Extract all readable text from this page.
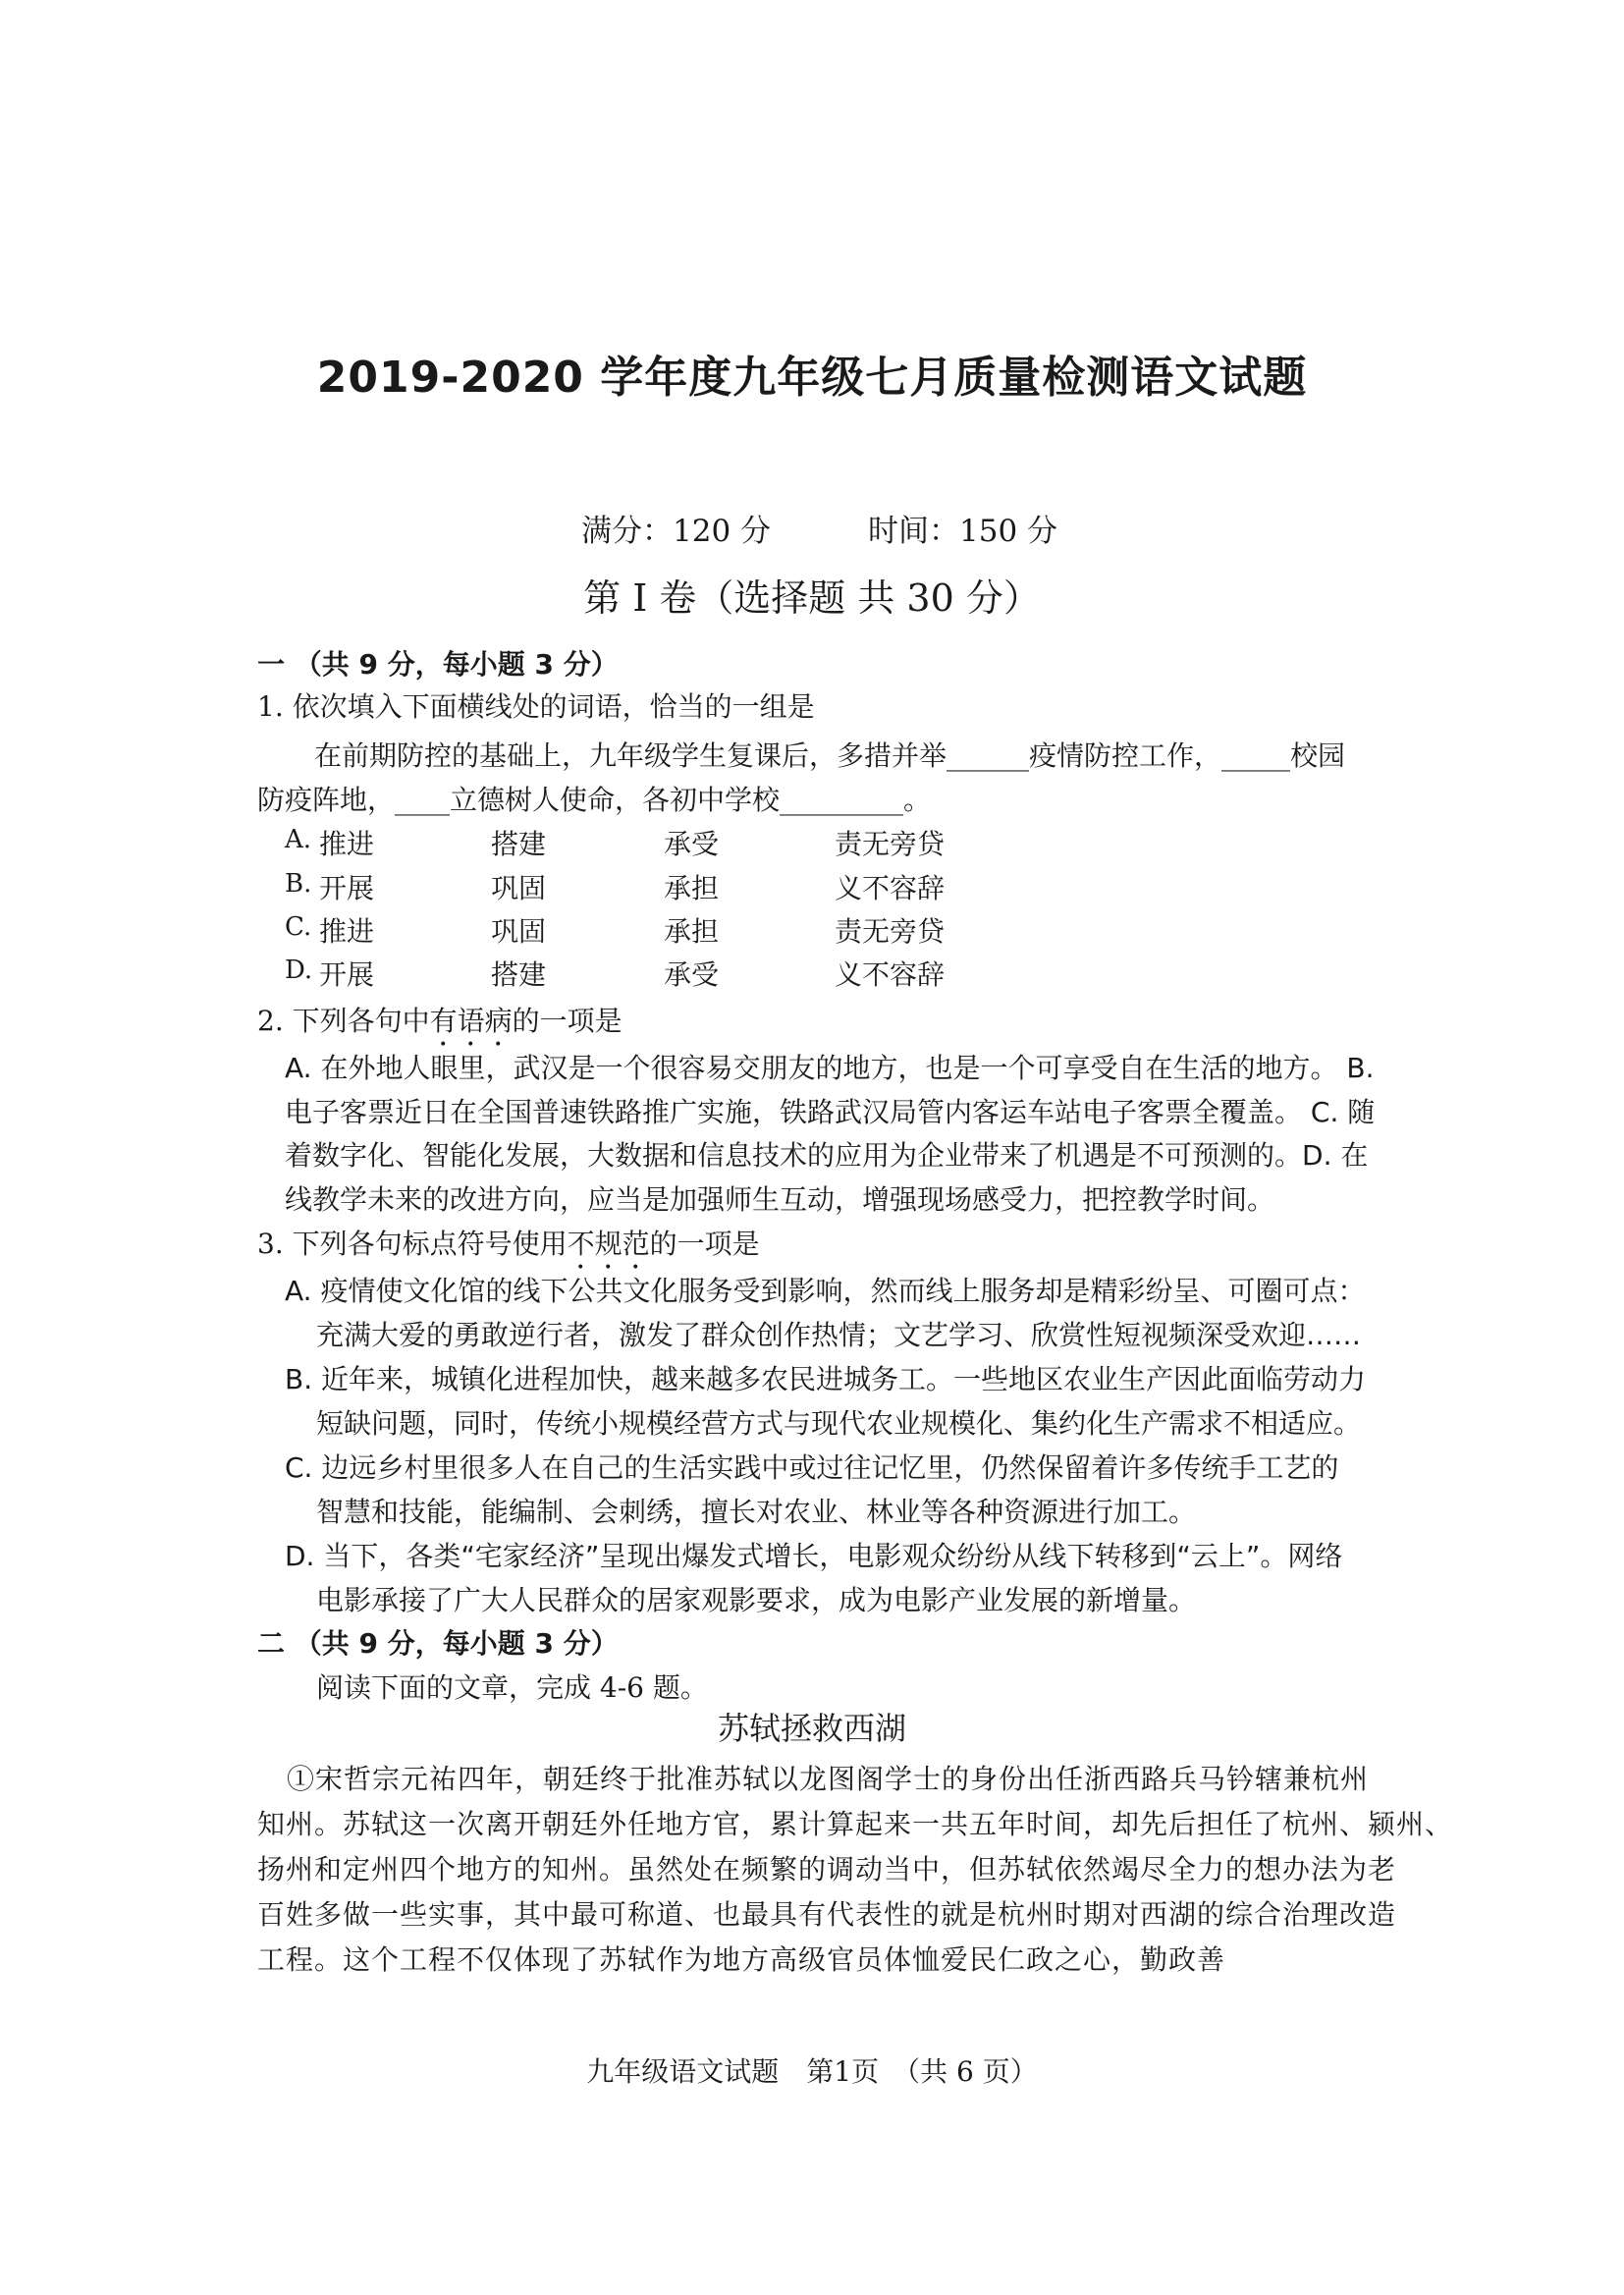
2019-2020 学年度九年级七月质量检测语文试题
满分：120 分	时间：150 分
第 I 卷（选择题 共 30 分）
一 （共 9 分，每小题 3 分）
1. 依次填入下面横线处的词语，恰当的一组是
在前期防控的基础上，九年级学生复课后，多措并举______疫情防控工作，_____校园
防疫阵地，____立德树人使命，各初中学校_________。
A. 推进	搭建	承受	责无旁贷
B. 开展	巩固	承担	义不容辞
C. 推进	巩固	承担	责无旁贷
D. 开展	搭建	承受	义不容辞
2. 下列各句中有语病的一项是
A. 在外地人眼里，武汉是一个很容易交朋友的地方，也是一个可享受自在生活的地方。 B.
电子客票近日在全国普速铁路推广实施，铁路武汉局管内客运车站电子客票全覆盖。 C. 随
着数字化、智能化发展，大数据和信息技术的应用为企业带来了机遇是不可预测的。D. 在
线教学未来的改进方向，应当是加强师生互动，增强现场感受力，把控教学时间。
3. 下列各句标点符号使用不规范的一项是
A. 疫情使文化馆的线下公共文化服务受到影响，然而线上服务却是精彩纷呈、可圈可点：
充满大爱的勇敢逆行者，激发了群众创作热情；文艺学习、欣赏性短视频深受欢迎……
B. 近年来，城镇化进程加快，越来越多农民进城务工。一些地区农业生产因此面临劳动力
短缺问题，同时，传统小规模经营方式与现代农业规模化、集约化生产需求不相适应。
C. 边远乡村里很多人在自己的生活实践中或过往记忆里，仍然保留着许多传统手工艺的
智慧和技能，能编制、会刺绣，擅长对农业、林业等各种资源进行加工。
D. 当下，各类“宅家经济”呈现出爆发式增长，电影观众纷纷从线下转移到“云上”。网络
电影承接了广大人民群众的居家观影要求，成为电影产业发展的新增量。
二 （共 9 分，每小题 3 分）
阅读下面的文章，完成 4-6 题。
苏轼拯救西湖
①宋哲宗元祐四年，朝廷终于批准苏轼以龙图阁学士的身份出任浙西路兵马钤辖兼杭州
知州。苏轼这一次离开朝廷外任地方官，累计算起来一共五年时间，却先后担任了杭州、颍州、
扬州和定州四个地方的知州。虽然处在频繁的调动当中，但苏轼依然竭尽全力的想办法为老
百姓多做一些实事，其中最可称道、也最具有代表性的就是杭州时期对西湖的综合治理改造
工程。这个工程不仅体现了苏轼作为地方高级官员体恤爱民仁政之心，勤政善
九年级语文试题　第1页　（共 6 页）
